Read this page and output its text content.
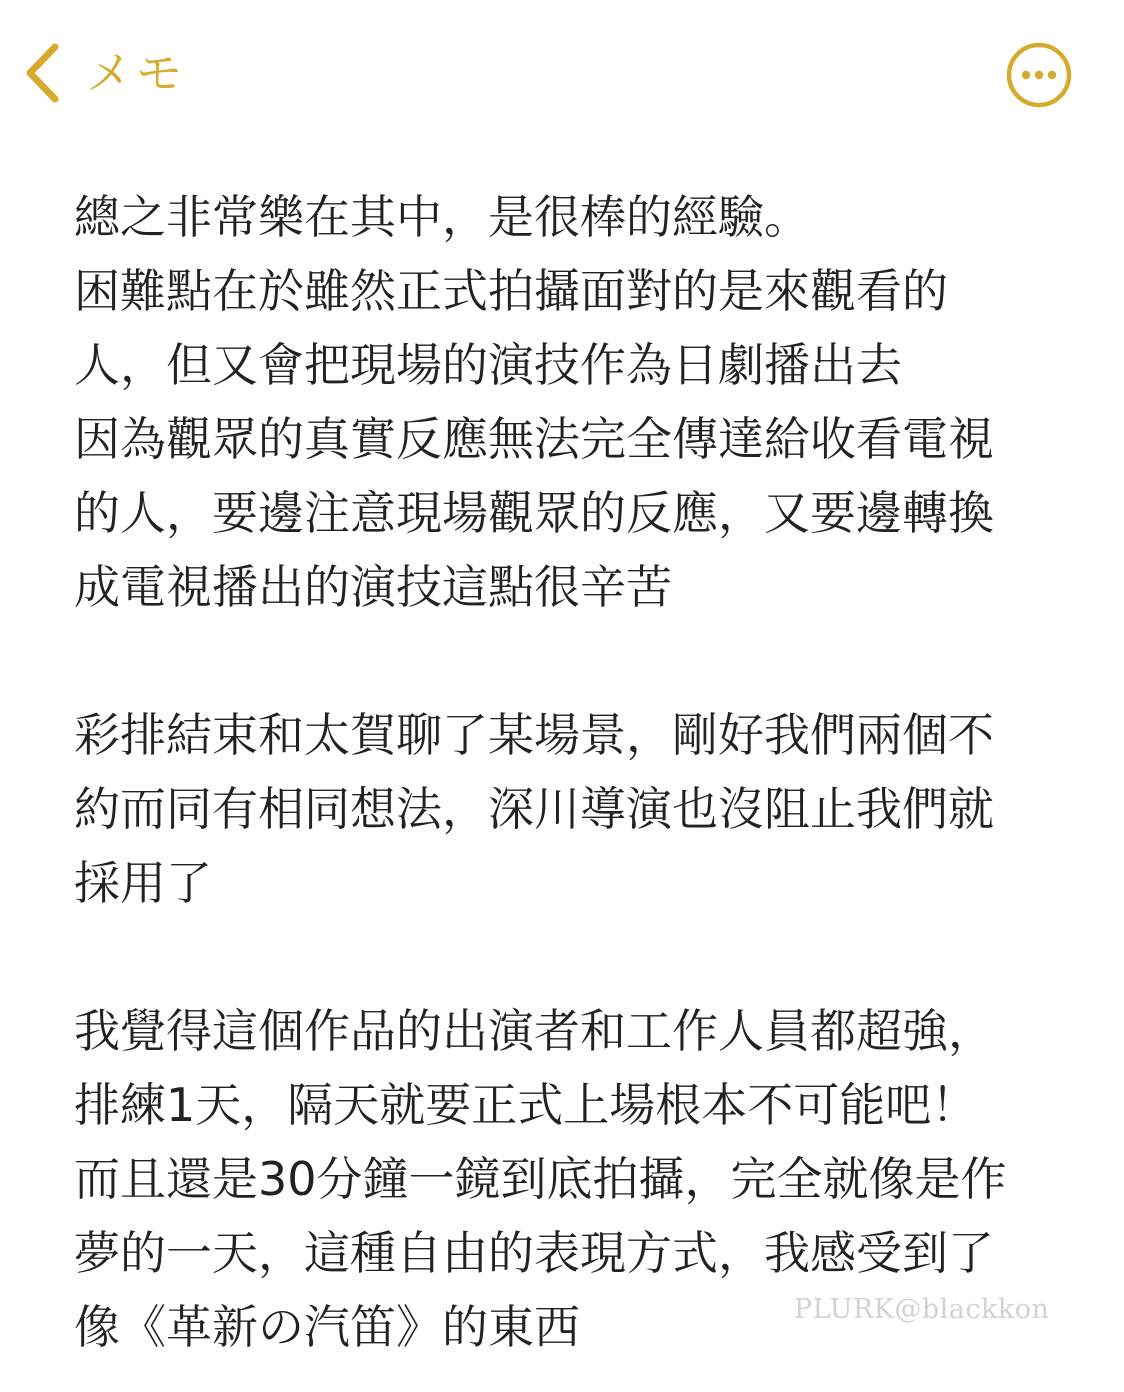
メモ
總之非常樂在其中，是很棒的經驗。
困難點在於雖然正式拍攝面對的是來觀看的
人，但又會把現場的演技作為日劇播出去
因為觀眾的真實反應無法完全傳達給收看電視
的人，要邊注意現場觀眾的反應，又要邊轉換
成電視播出的演技這點很辛苦
彩排結束和太賀聊了某場景，剛好我們兩個不
約而同有相同想法，深川導演也沒阻止我們就
採用了
我覺得這個作品的出演者和工作人員都超強，
排練1天，隔天就要正式上場根本不可能吧！
而且還是30分鐘一鏡到底拍攝，完全就像是作
夢的一天，這種自由的表現方式，我感受到了
像《革新の汽笛》的東西	PLURK@blackkon
